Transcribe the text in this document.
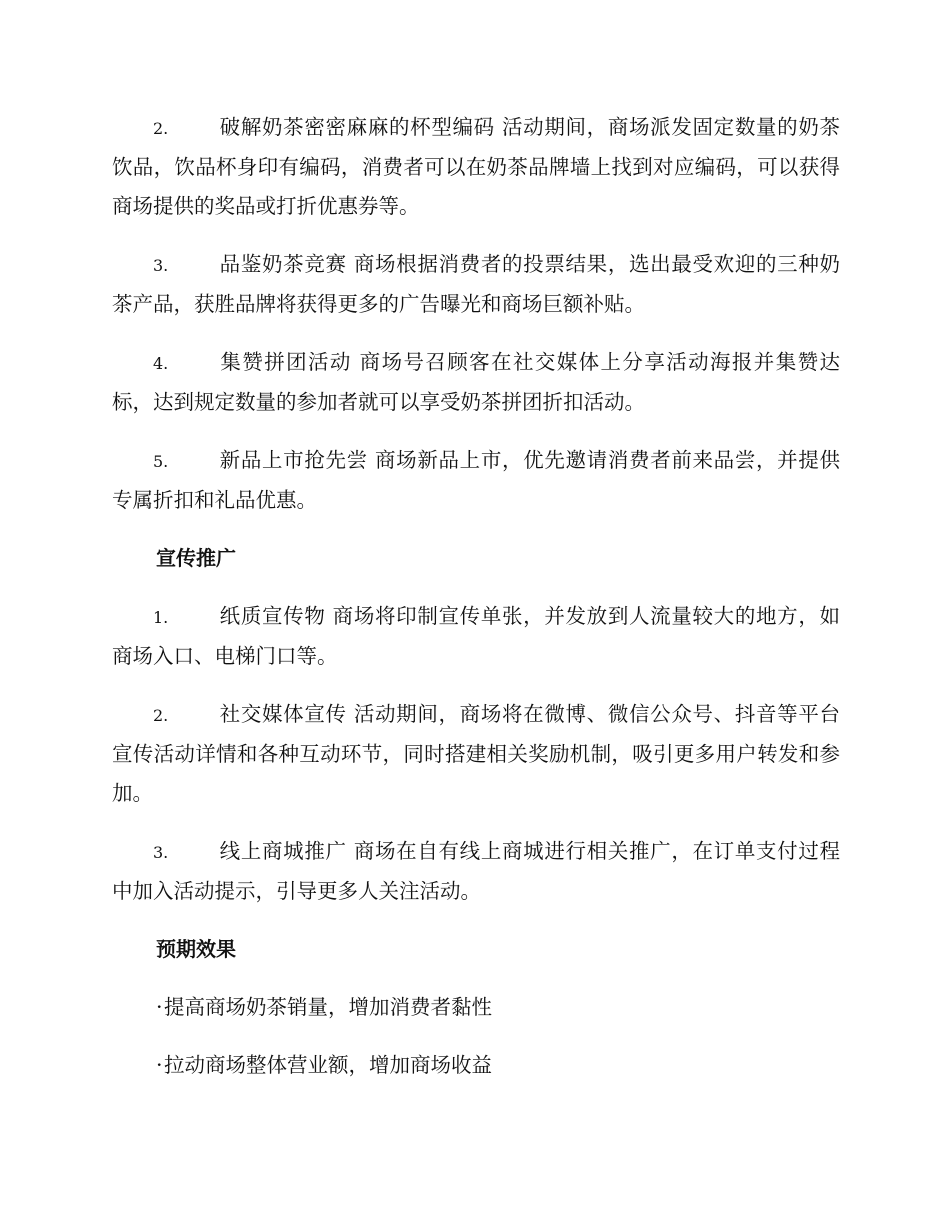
2. 破解奶茶密密麻麻的杯型编码 活动期间，商场派发固定数量的奶茶饮品，饮品杯身印有编码，消费者可以在奶茶品牌墙上找到对应编码，可以获得商场提供的奖品或打折优惠券等。

3. 品鉴奶茶竞赛 商场根据消费者的投票结果，选出最受欢迎的三种奶茶产品，获胜品牌将获得更多的广告曝光和商场巨额补贴。

4. 集赞拼团活动 商场号召顾客在社交媒体上分享活动海报并集赞达标，达到规定数量的参加者就可以享受奶茶拼团折扣活动。

5. 新品上市抢先尝 商场新品上市，优先邀请消费者前来品尝，并提供专属折扣和礼品优惠。

宣传推广

1. 纸质宣传物 商场将印制宣传单张，并发放到人流量较大的地方，如商场入口、电梯门口等。

2. 社交媒体宣传 活动期间，商场将在微博、微信公众号、抖音等平台宣传活动详情和各种互动环节，同时搭建相关奖励机制，吸引更多用户转发和参加。

3. 线上商城推广 商场在自有线上商城进行相关推广，在订单支付过程中加入活动提示，引导更多人关注活动。

预期效果
·提高商场奶茶销量，增加消费者黏性
·拉动商场整体营业额，增加商场收益
